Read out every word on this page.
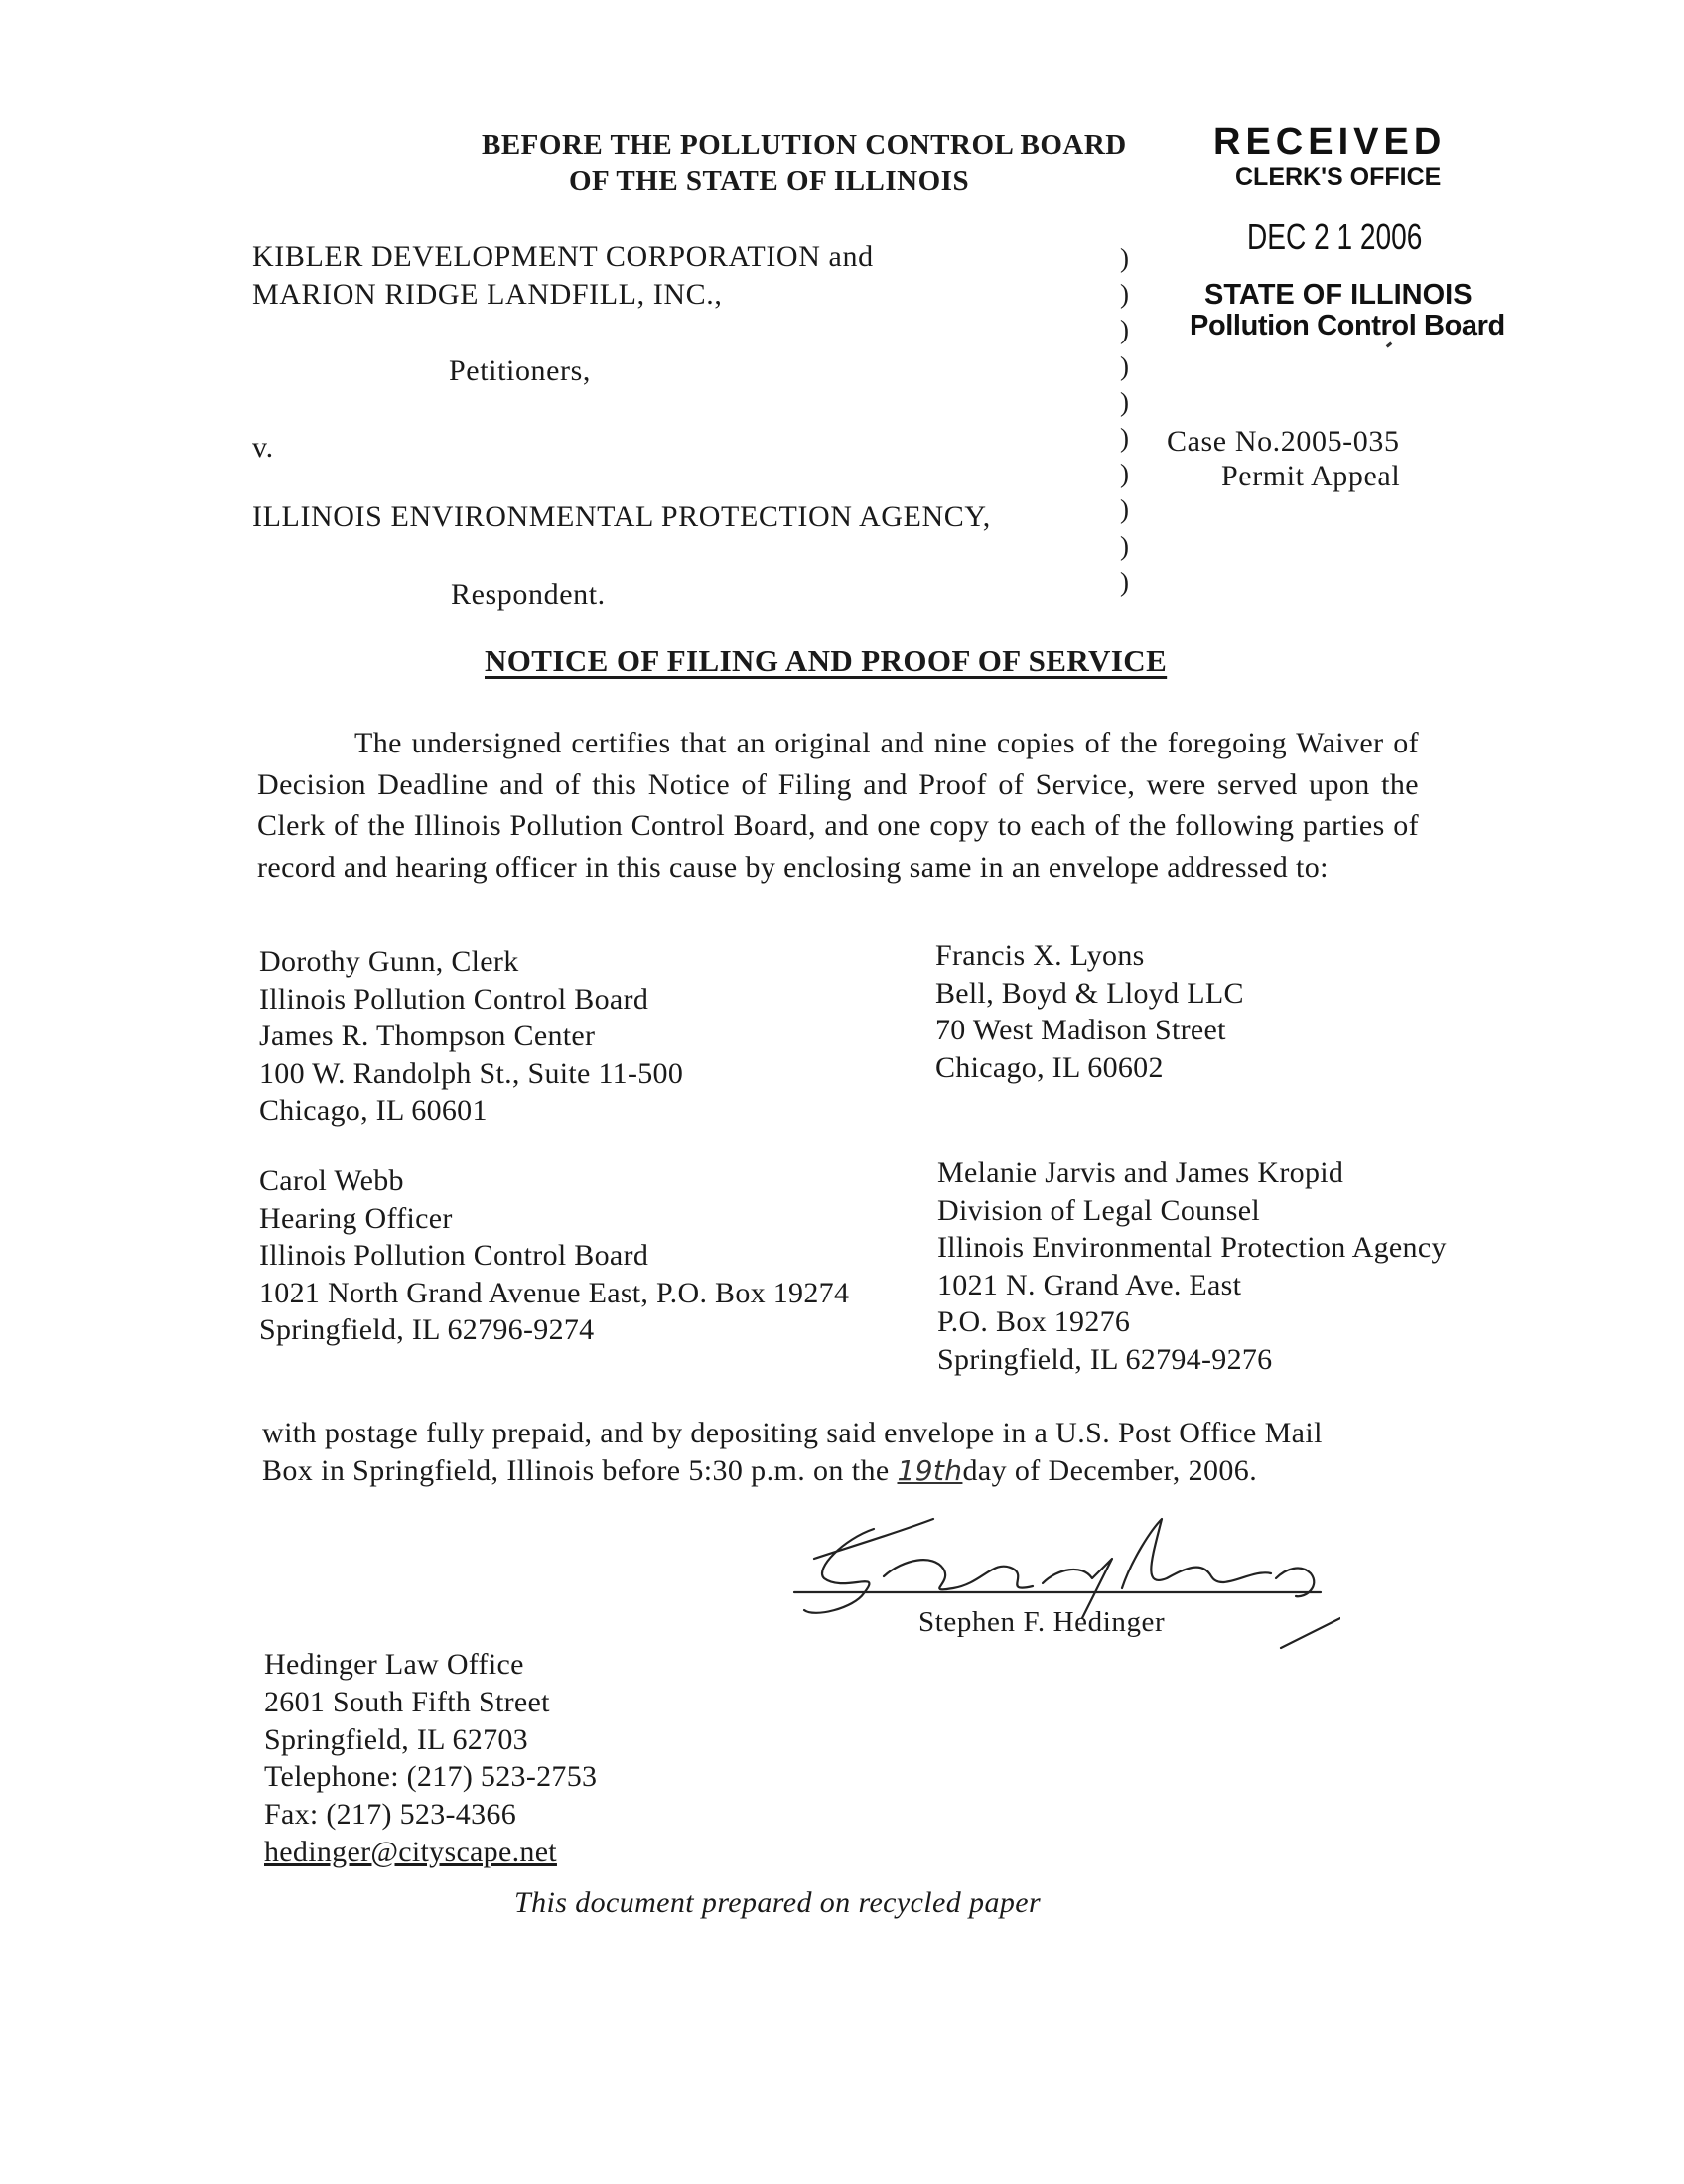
BEFORE THE POLLUTION CONTROL BOARD
OF THE STATE OF ILLINOIS
RECEIVED
CLERK'S OFFICE
DEC 2 1 2006
STATE OF ILLINOIS
Pollution Control Board
KIBLER DEVELOPMENT CORPORATION and
MARION RIDGE LANDFILL, INC.,
Petitioners,
v.
ILLINOIS ENVIRONMENTAL PROTECTION AGENCY,
Respondent.
)
)
)
)
)
)
)
)
)
)
Case No.2005-035
Permit Appeal
NOTICE OF FILING AND PROOF OF SERVICE
The undersigned certifies that an original and nine copies of the foregoing Waiver of Decision Deadline and of this Notice of Filing and Proof of Service, were served upon the Clerk of the Illinois Pollution Control Board, and one copy to each of the following parties of record and hearing officer in this cause by enclosing same in an envelope addressed to:
Dorothy Gunn, Clerk
Illinois Pollution Control Board
James R. Thompson Center
100 W. Randolph St., Suite 11-500
Chicago, IL 60601
Francis X. Lyons
Bell, Boyd & Lloyd LLC
70 West Madison Street
Chicago, IL 60602
Carol Webb
Hearing Officer
Illinois Pollution Control Board
1021 North Grand Avenue East, P.O. Box 19274
Springfield, IL 62796-9274
Melanie Jarvis and James Kropid
Division of Legal Counsel
Illinois Environmental Protection Agency
1021 N. Grand Ave. East
P.O. Box 19276
Springfield, IL 62794-9276
with postage fully prepaid, and by depositing said envelope in a U.S. Post Office Mail
Box in Springfield, Illinois before 5:30 p.m. on the 19thday of December, 2006.
Stephen F. Hedinger
Hedinger Law Office
2601 South Fifth Street
Springfield, IL 62703
Telephone: (217) 523-2753
Fax: (217) 523-4366
hedinger@cityscape.net
This document prepared on recycled paper
